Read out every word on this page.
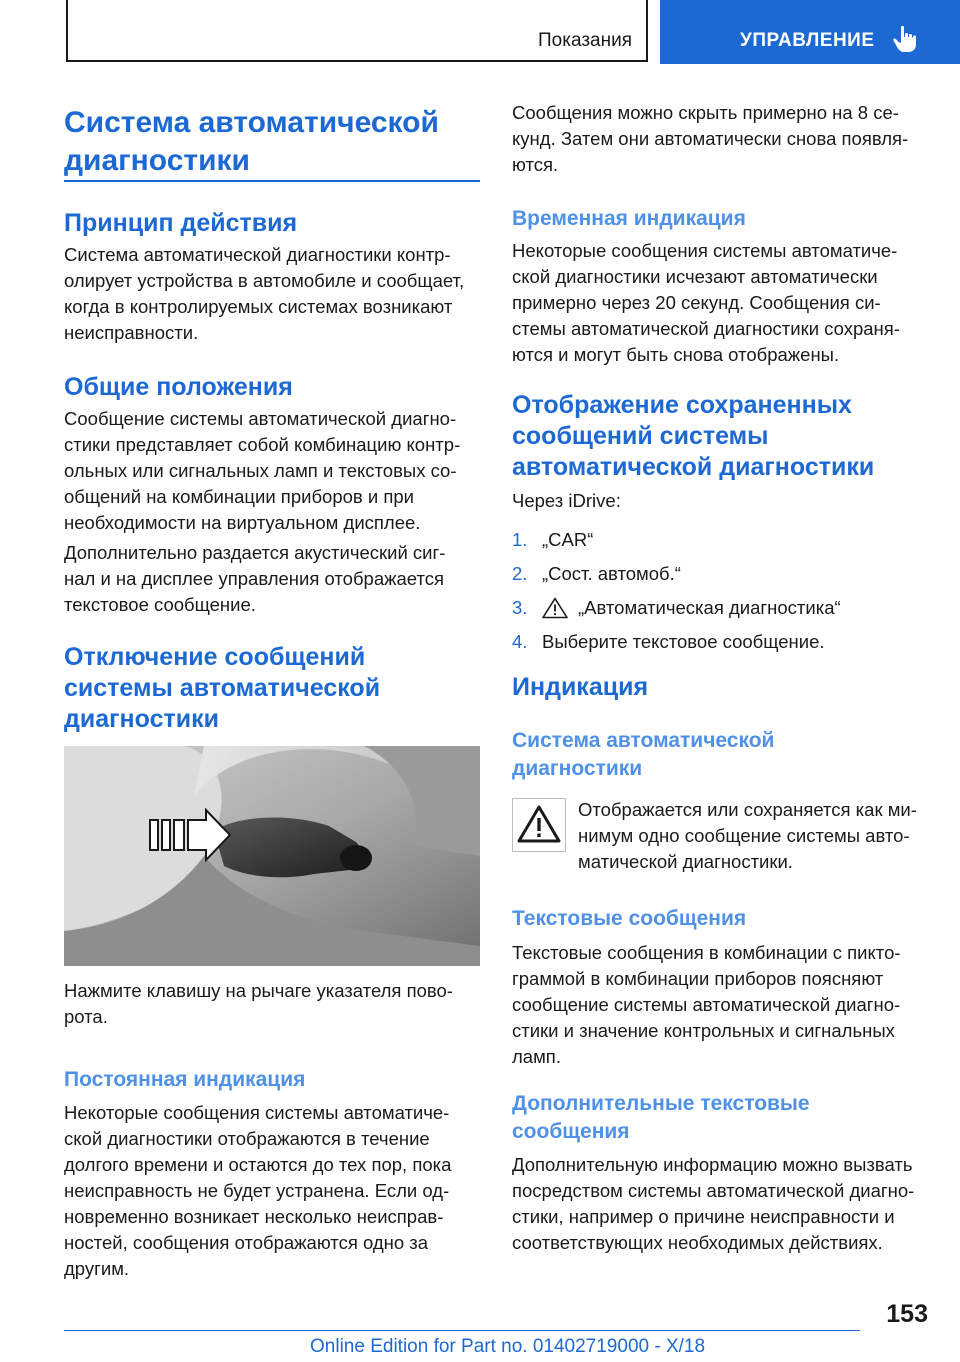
Показания	УПРАВЛЕНИЕ
Система автоматической
диагностики
Принцип действия
Система автоматической диагностики контр-
олирует устройства в автомобиле и сообщает,
когда в контролируемых системах возникают
неисправности.
Общие положения
Сообщение системы автоматической диагно-
стики представляет собой комбинацию контр-
ольных или сигнальных ламп и текстовых со-
общений на комбинации приборов и при
необходимости на виртуальном дисплее.
Дополнительно раздается акустический сиг-
нал и на дисплее управления отображается
текстовое сообщение.
Отключение сообщений
системы автоматической
диагностики
Нажмите клавишу на рычаге указателя пово-
рота.
Постоянная индикация
Некоторые сообщения системы автоматиче-
ской диагностики отображаются в течение
долгого времени и остаются до тех пор, пока
неисправность не будет устранена. Если од-
новременно возникает несколько неисправ-
ностей, сообщения отображаются одно за
другим.
Сообщения можно скрыть примерно на 8 се-
кунд. Затем они автоматически снова появля-
ются.
Временная индикация
Некоторые сообщения системы автоматиче-
ской диагностики исчезают автоматически
примерно через 20 секунд. Сообщения си-
стемы автоматической диагностики сохраня-
ются и могут быть снова отображены.
Отображение сохраненных
сообщений системы
автоматической диагностики
Через iDrive:
1. „CAR“
2. „Сост. автомоб.“
3.	„Автоматическая диагностика“
4. Выберите текстовое сообщение.
Индикация
Система автоматической
диагностики
Отображается или сохраняется как ми-
нимум одно сообщение системы авто-
матической диагностики.
Текстовые сообщения
Текстовые сообщения в комбинации с пикто-
граммой в комбинации приборов поясняют
сообщение системы автоматической диагно-
стики и значение контрольных и сигнальных
ламп.
Дополнительные текстовые
сообщения
Дополнительную информацию можно вызвать
посредством системы автоматической диагно-
стики, например о причине неисправности и
соответствующих необходимых действиях.
153
Online Edition for Part no. 01402719000 - X/18
